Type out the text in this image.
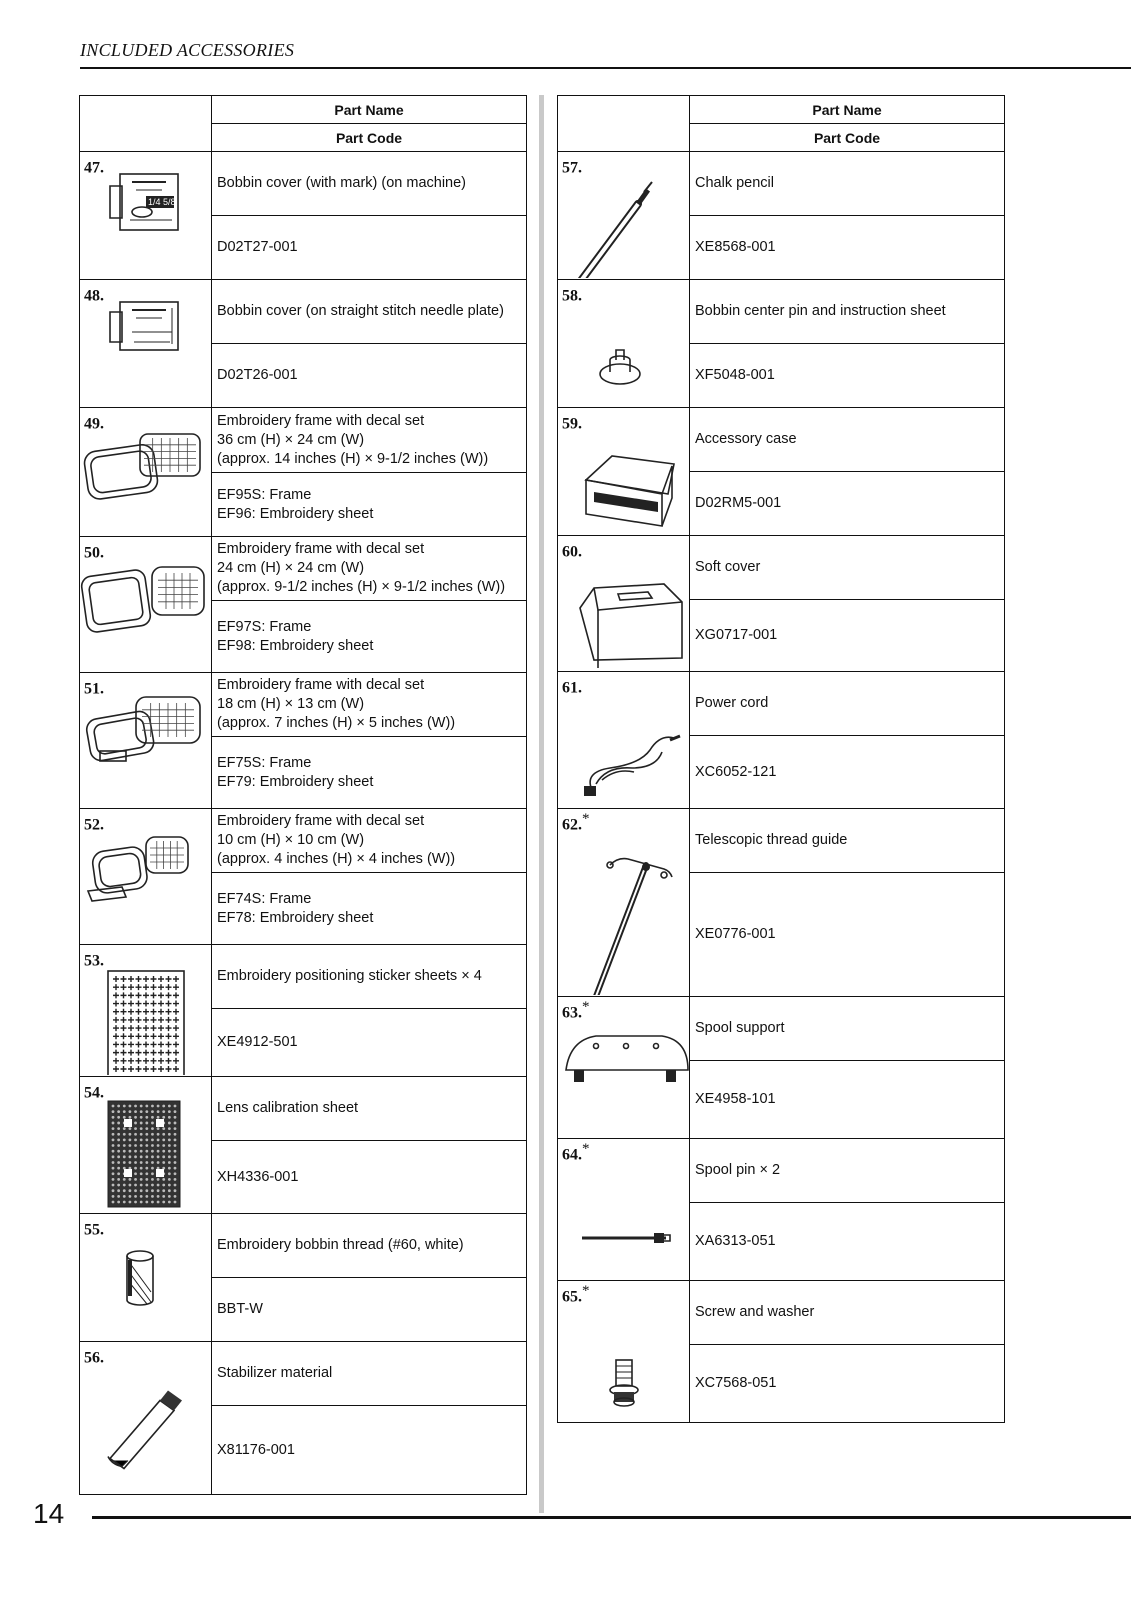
INCLUDED ACCESSORIES
	Part Name
	Part Code

1/4 5/8
47.	Bobbin cover (with mark) (on machine)

	D02T27-001

48.	Bobbin cover (on straight stitch needle plate)

	D02T26-001

49.	Embroidery frame with decal set
36 cm (H) × 24 cm (W)
(approx. 14 inches (H) × 9-1/2 inches (W))

	EF95S: Frame
EF96: Embroidery sheet

50.	Embroidery frame with decal set
24 cm (H) × 24 cm (W)
(approx. 9-1/2 inches (H) × 9-1/2 inches (W))

	EF97S: Frame
EF98: Embroidery sheet

51.	Embroidery frame with decal set
18 cm (H) × 13 cm (W)
(approx. 7 inches (H) × 5 inches (W))

	EF75S: Frame
EF79: Embroidery sheet

52.	Embroidery frame with decal set
10 cm (H) × 10 cm (W)
(approx. 4 inches (H) × 4 inches (W))

	EF74S: Frame
EF78: Embroidery sheet

53.	Embroidery positioning sticker sheets × 4

	XE4912-501

54.	Lens calibration sheet

	XH4336-001

55.	Embroidery bobbin thread (#60, white)

	BBT-W

56.	Stabilizer material

	X81176-001
	Part Name
	Part Code

57.	Chalk pencil

	XE8568-001

58.	Bobbin center pin and instruction sheet

	XF5048-001

59.	Accessory case

	D02RM5-001

60.	Soft cover

	XG0717-001

61.	Power cord

	XC6052-121

62.*	Telescopic thread guide

	XE0776-001

63.*	Spool support

	XE4958-101

64.*	Spool pin × 2

	XA6313-051

65.*	Screw and washer

	XC7568-051
14
